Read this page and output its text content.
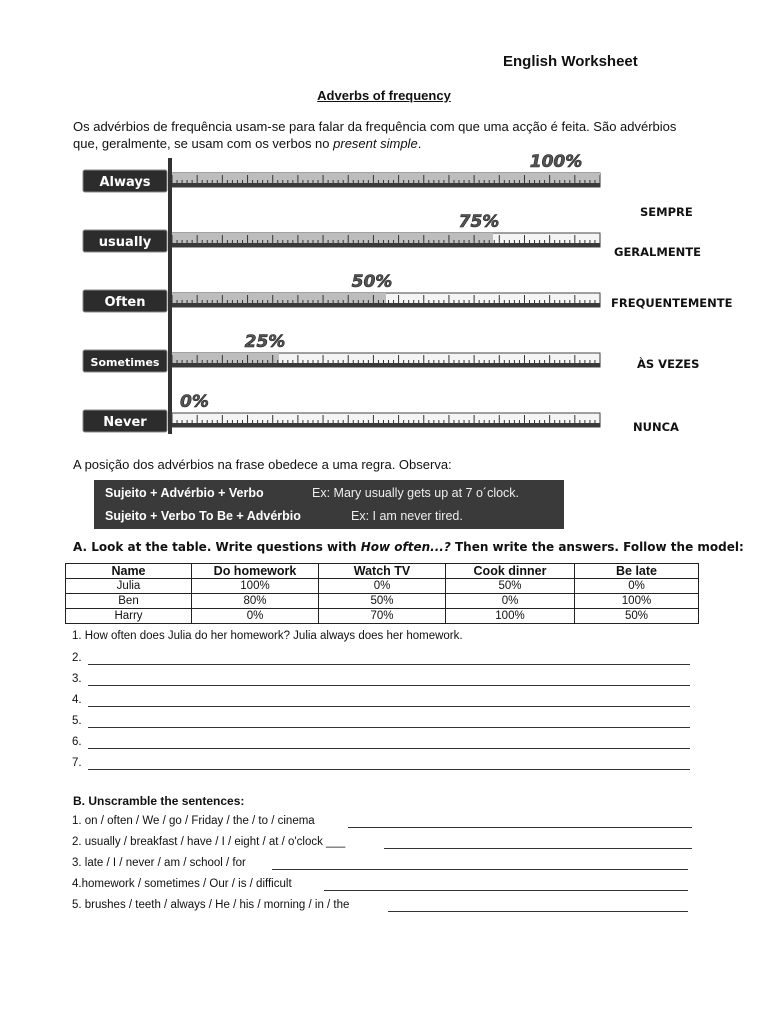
English Worksheet
Adverbs of frequency
Os advérbios de frequência usam-se para falar da frequência com que uma acção é feita. São advérbios que, geralmente, se usam com os verbos no present simple.
Always
100%
usually
75%
Often
50%
Sometimes
25%
Never
0%
SEMPRE
GERALMENTE
FREQUENTEMENTE
ÀS VEZES
NUNCA
A posição dos advérbios na frase obedece a uma regra. Observa:
Sujeito + Advérbio + Verbo	Ex: Mary usually gets up at 7 o´clock.
Sujeito + Verbo To Be + Advérbio	Ex: I am never tired.
A. Look at the table. Write questions with How often...? Then write the answers. Follow the model:
Name	Do homework	Watch TV	Cook dinner	Be late
Julia	100%	0%	50%	0%
Ben	80%	50%	0%	100%
Harry	0%	70%	100%	50%
1. How often does Julia do her homework? Julia always does her homework.
2.
3.
4.
5.
6.
7.
B. Unscramble the sentences:
1. on / often / We / go / Friday / the / to / cinema
2. usually / breakfast / have / I / eight / at / o'clock ___
3. late / I / never / am / school / for
4.homework / sometimes / Our / is / difficult
5. brushes / teeth / always / He / his / morning / in / the
